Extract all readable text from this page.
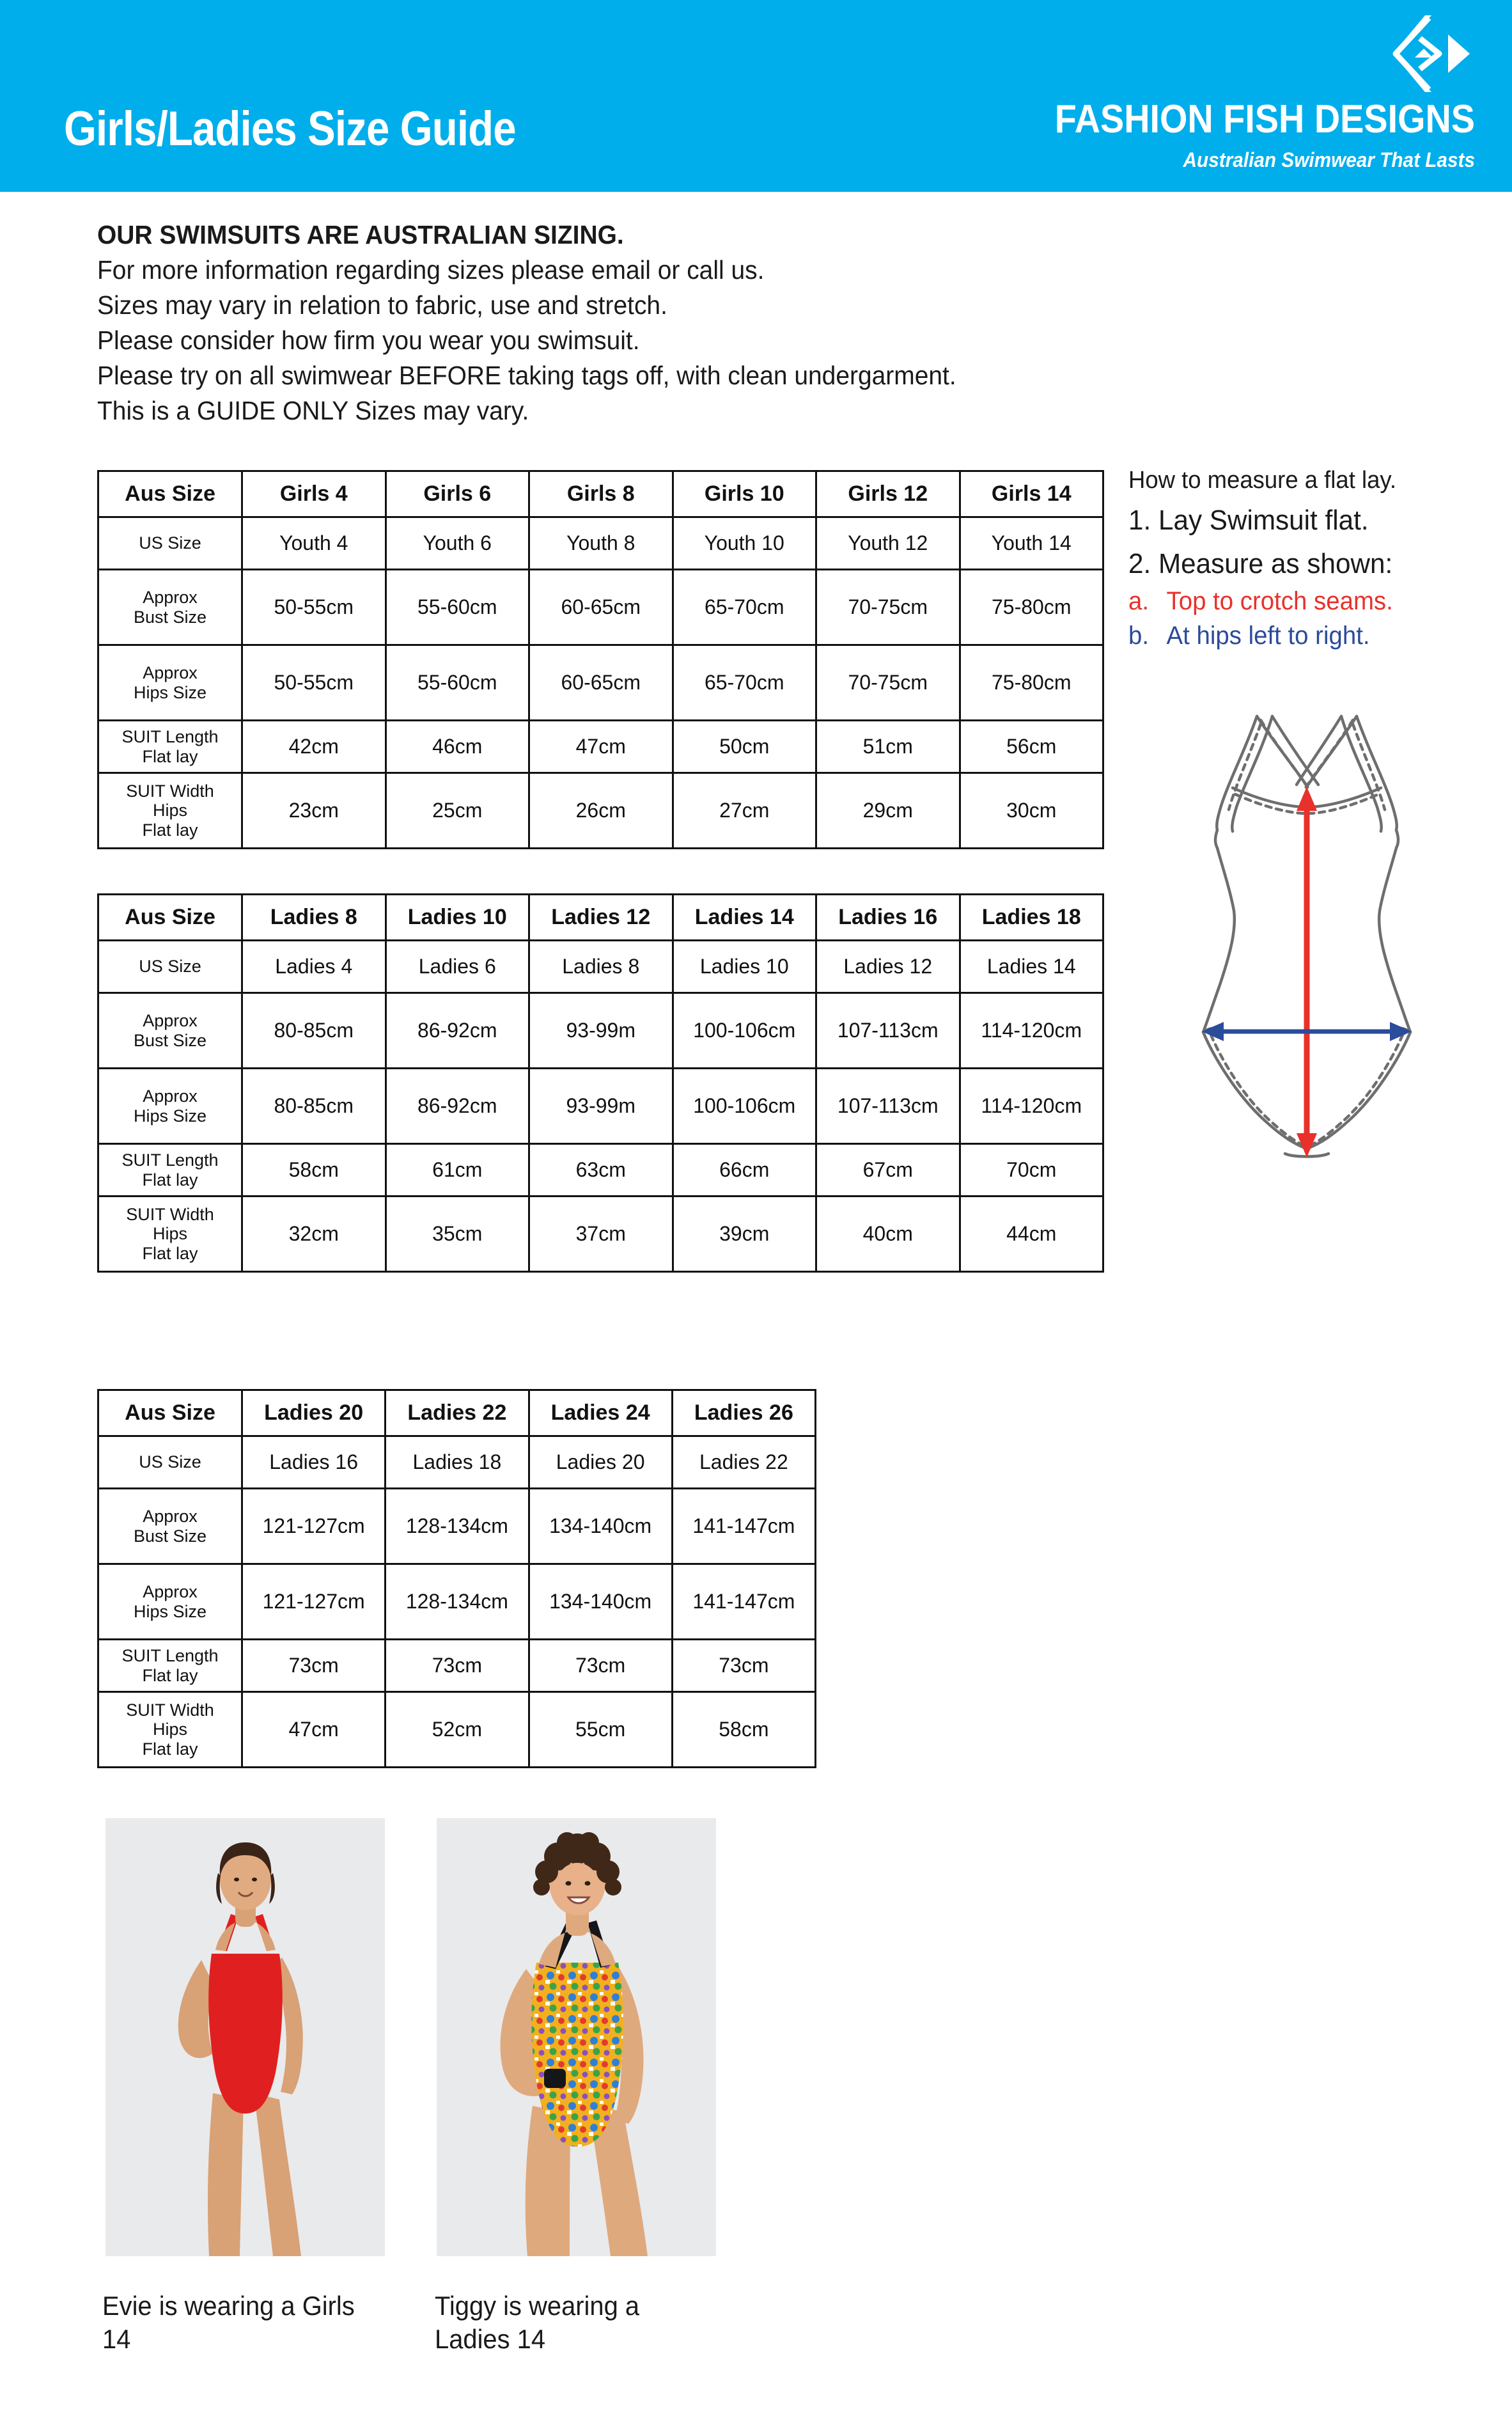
Girls/Ladies Size Guide	FASHION FISH DESIGNS
Australian Swimwear That Lasts
OUR SWIMSUITS ARE AUSTRALIAN SIZING.
For more information regarding sizes please email or call us.
Sizes may vary in relation to fabric, use and stretch.
Please consider how firm you wear you swimsuit.
Please try on all swimwear BEFORE taking tags off, with clean undergarment.
This is a GUIDE ONLY Sizes may vary.
Aus Size	Girls 4	Girls 6	Girls 8	Girls 10	Girls 12	Girls 14

US Size	Youth 4	Youth 6	Youth 8	Youth 10	Youth 12	Youth 14

Approx
Bust Size	50-55cm	55-60cm	60-65cm	65-70cm	70-75cm	75-80cm

Approx
Hips Size	50-55cm	55-60cm	60-65cm	65-70cm	70-75cm	75-80cm

SUIT Length
Flat lay	42cm	46cm	47cm	50cm	51cm	56cm

SUIT Width
Hips
Flat lay	23cm	25cm	26cm	27cm	29cm	30cm
Aus Size	Ladies 8	Ladies 10	Ladies 12	Ladies 14	Ladies 16	Ladies 18

US Size	Ladies 4	Ladies 6	Ladies 8	Ladies 10	Ladies 12	Ladies 14

Approx
Bust Size	80-85cm	86-92cm	93-99m	100-106cm	107-113cm	114-120cm

Approx
Hips Size	80-85cm	86-92cm	93-99m	100-106cm	107-113cm	114-120cm

SUIT Length
Flat lay	58cm	61cm	63cm	66cm	67cm	70cm

SUIT Width
Hips
Flat lay	32cm	35cm	37cm	39cm	40cm	44cm
Aus Size	Ladies 20	Ladies 22	Ladies 24	Ladies 26

US Size	Ladies 16	Ladies 18	Ladies 20	Ladies 22

Approx
Bust Size	121-127cm	128-134cm	134-140cm	141-147cm

Approx
Hips Size	121-127cm	128-134cm	134-140cm	141-147cm

SUIT Length
Flat lay	73cm	73cm	73cm	73cm

SUIT Width
Hips
Flat lay	47cm	52cm	55cm	58cm
How to measure a flat lay.
1. Lay Swimsuit flat.
2. Measure as shown:
a. Top to crotch seams.
b. At hips left to right.
Evie is wearing a Girls 14
Tiggy is wearing a Ladies 14
